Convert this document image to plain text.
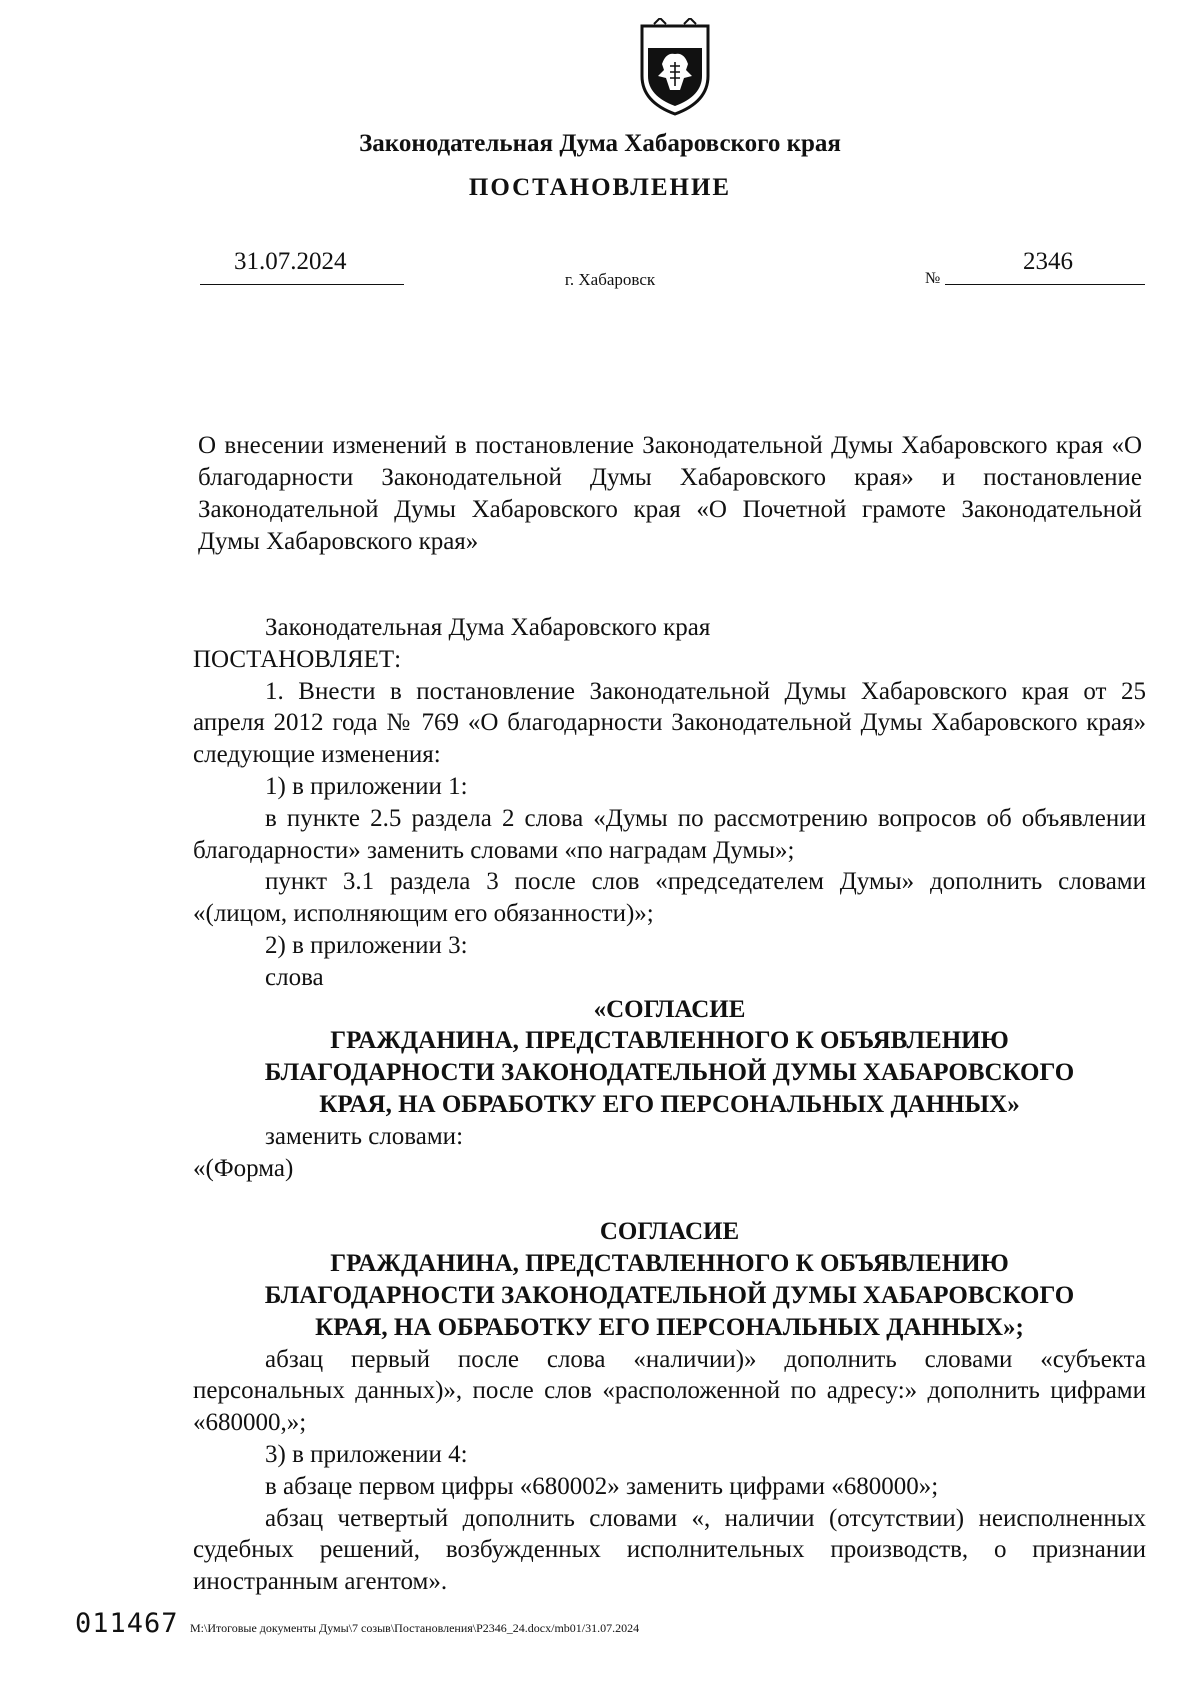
Законодательная Дума Хабаровского края
ПОСТАНОВЛЕНИЕ
31.07.2024
г. Хабаровск	№
2346
О внесении изменений в постановление Законодательной Думы Хабаровского края «О благодарности Законодательной Думы Хабаровского края» и постановление Законодательной Думы Хабаровского края «О Почетной грамоте Законодательной Думы Хабаровского края»

Законодательная Дума Хабаровского края

ПОСТАНОВЛЯЕТ:

1. Внести в постановление Законодательной Думы Хабаровского края от 25 апреля 2012 года № 769 «О благодарности Законодательной Думы Хабаровского края» следующие изменения:

1) в приложении 1:

в пункте 2.5 раздела 2 слова «Думы по рассмотрению вопросов об объявлении благодарности» заменить словами «по наградам Думы»;

пункт 3.1 раздела 3 после слов «председателем Думы» дополнить словами «(лицом, исполняющим его обязанности)»;

2) в приложении 3:

слова

«СОГЛАСИЕ

ГРАЖДАНИНА, ПРЕДСТАВЛЕННОГО К ОБЪЯВЛЕНИЮ

БЛАГОДАРНОСТИ ЗАКОНОДАТЕЛЬНОЙ ДУМЫ ХАБАРОВСКОГО

КРАЯ, НА ОБРАБОТКУ ЕГО ПЕРСОНАЛЬНЫХ ДАННЫХ»

заменить словами:

«(Форма)

СОГЛАСИЕ

ГРАЖДАНИНА, ПРЕДСТАВЛЕННОГО К ОБЪЯВЛЕНИЮ

БЛАГОДАРНОСТИ ЗАКОНОДАТЕЛЬНОЙ ДУМЫ ХАБАРОВСКОГО

КРАЯ, НА ОБРАБОТКУ ЕГО ПЕРСОНАЛЬНЫХ ДАННЫХ»;

абзац первый после слова «наличии)» дополнить словами «субъекта персональных данных)», после слов «расположенной по адресу:» дополнить цифрами «680000,»;

3) в приложении 4:

в абзаце первом цифры «680002» заменить цифрами «680000»;

абзац четвертый дополнить словами «, наличии (отсутствии) неисполненных судебных решений, возбужденных исполнительных производств, о признании иностранным агентом».

011467 M:\Итоговые документы Думы\7 созыв\Постановления\P2346_24.docx/mb01/31.07.2024
